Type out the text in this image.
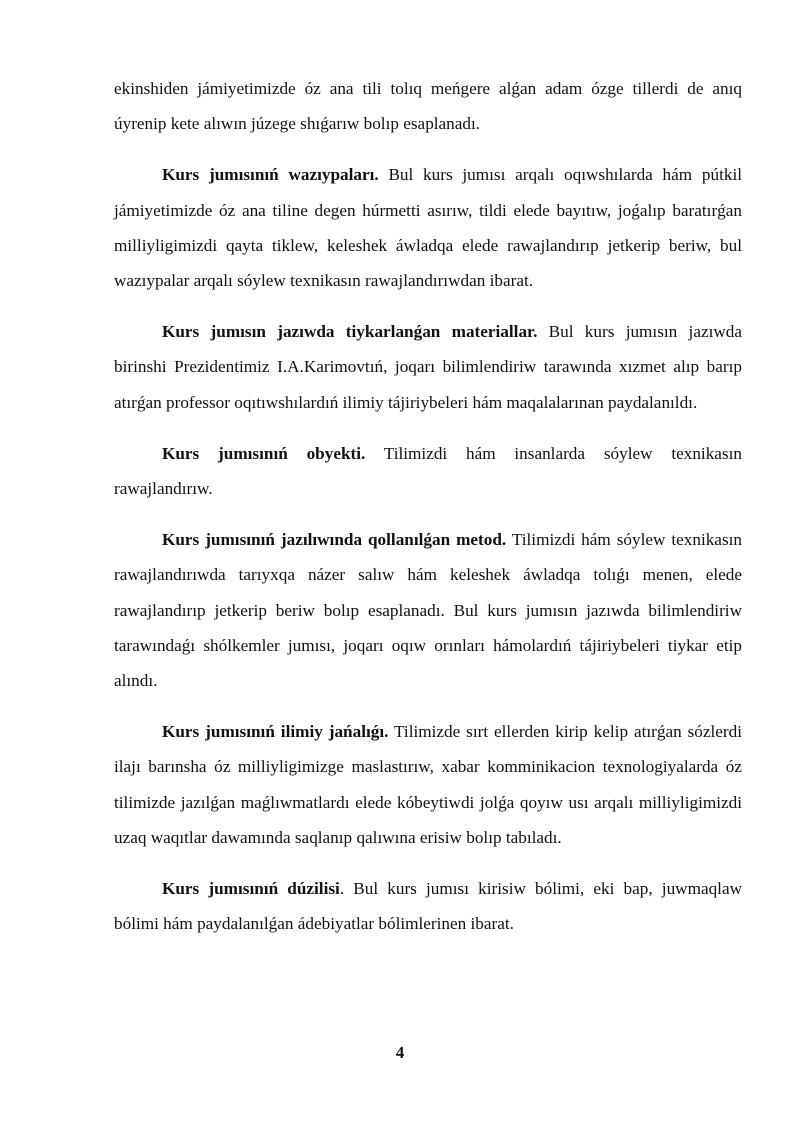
ekinshiden jámiyetimizde óz ana tili tolıq meńgere alǵan adam ózge tillerdi de anıq úyrenip kete alıwın júzege shıǵarıw bolıp esaplanadı.

Kurs jumısınıń wazıypaları. Bul kurs jumısı arqalı oqıwshılarda hám pútkil jámiyetimizde óz ana tiline degen húrmetti asırıw, tildi elede bayıtıw, joǵalıp baratırǵan milliyligimizdi qayta tiklew, keleshek áwladqa elede rawajlandırıp jetkerip beriw, bul wazıypalar arqalı sóylew texnikasın rawajlandırıwdan ibarat.

Kurs jumısın jazıwda tiykarlanǵan materiallar. Bul kurs jumısın jazıwda birinshi Prezidentimiz I.A.Karimovtıń, joqarı bilimlendiriw tarawında xızmet alıp barıp atırǵan professor oqıtıwshılardıń ilimiy tájiriybeleri hám maqalalarınan paydalanıldı.

Kurs jumısınıń obyekti. Tilimizdi hám insanlarda sóylew texnikasın rawajlandırıw.

Kurs jumısınıń jazılıwında qollanılǵan metod. Tilimizdi hám sóylew texnikasın rawajlandırıwda tarıyxqa názer salıw hám keleshek áwladqa tolıǵı menen, elede rawajlandırıp jetkerip beriw bolıp esaplanadı. Bul kurs jumısın jazıwda bilimlendiriw tarawındaǵı shólkemler jumısı, joqarı oqıw orınları hámolardıń tájiriybeleri tiykar etip alındı.

Kurs jumısınıń ilimiy jańalıǵı. Tilimizde sırt ellerden kirip kelip atırǵan sózlerdi ilajı barınsha óz milliyligimizge maslastırıw, xabar komminikacion texnologiyalarda óz tilimizde jazılǵan maǵlıwmatlardı elede kóbeytiwdi jolǵa qoyıw usı arqalı milliyligimizdi uzaq waqıtlar dawamında saqlanıp qalıwına erisiw bolıp tabıladı.

Kurs jumısınıń dúzilisi. Bul kurs jumısı kirisiw bólimi, eki bap, juwmaqlaw bólimi hám paydalanılǵan ádebiyatlar bólimlerinen ibarat.

4
